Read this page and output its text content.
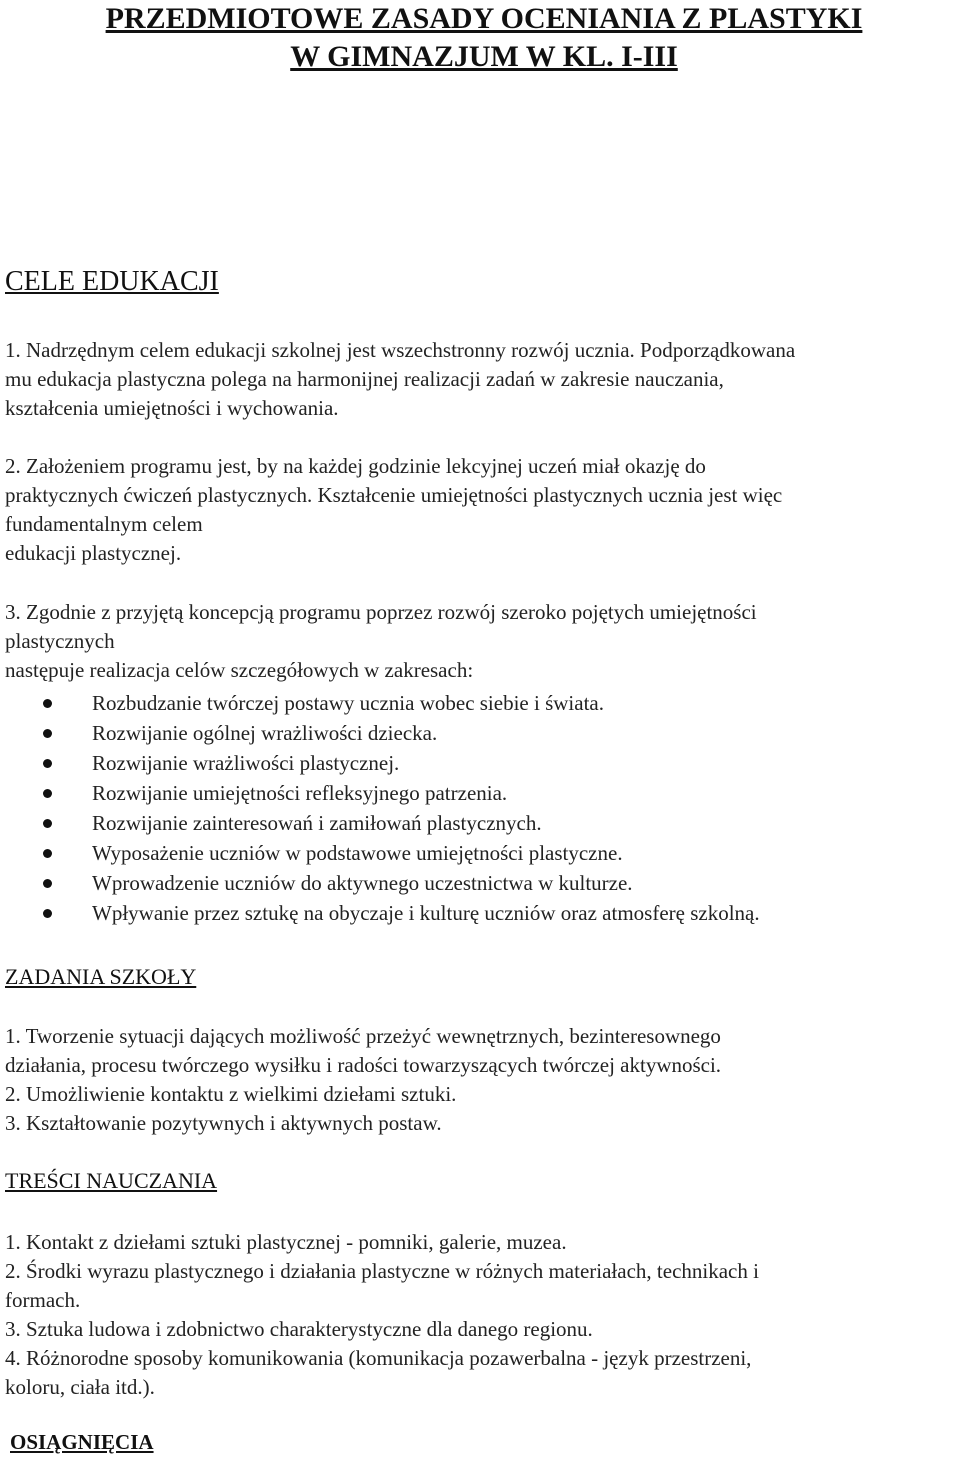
PRZEDMIOTOWE ZASADY OCENIANIA Z PLASTYKI
W GIMNAZJUM W KL. I-III
CELE EDUKACJI
1. Nadrzędnym celem edukacji szkolnej jest wszechstronny rozwój ucznia. Podporządkowana
mu edukacja plastyczna polega na harmonijnej realizacji zadań w zakresie nauczania,
kształcenia umiejętności i wychowania.
2. Założeniem programu jest, by na każdej godzinie lekcyjnej uczeń miał okazję do
praktycznych ćwiczeń plastycznych. Kształcenie umiejętności plastycznych ucznia jest więc
fundamentalnym celem
edukacji plastycznej.
3. Zgodnie z przyjętą koncepcją programu poprzez rozwój szeroko pojętych umiejętności
plastycznych
następuje realizacja celów szczegółowych w zakresach:
Rozbudzanie twórczej postawy ucznia wobec siebie i świata.
Rozwijanie ogólnej wrażliwości dziecka.
Rozwijanie wrażliwości plastycznej.
Rozwijanie umiejętności refleksyjnego patrzenia.
Rozwijanie zainteresowań i zamiłowań plastycznych.
Wyposażenie uczniów w podstawowe umiejętności plastyczne.
Wprowadzenie uczniów do aktywnego uczestnictwa w kulturze.
Wpływanie przez sztukę na obyczaje i kulturę uczniów oraz atmosferę szkolną.
ZADANIA SZKOŁY
1. Tworzenie sytuacji dających możliwość przeżyć wewnętrznych, bezinteresownego
działania, procesu twórczego wysiłku i radości towarzyszących twórczej aktywności.
2. Umożliwienie kontaktu z wielkimi dziełami sztuki.
3. Kształtowanie pozytywnych i aktywnych postaw.
TREŚCI NAUCZANIA
1. Kontakt z dziełami sztuki plastycznej - pomniki, galerie, muzea.
2. Środki wyrazu plastycznego i działania plastyczne w różnych materiałach, technikach i
formach.
3. Sztuka ludowa i zdobnictwo charakterystyczne dla danego regionu.
4. Różnorodne sposoby komunikowania (komunikacja pozawerbalna - język przestrzeni,
koloru, ciała itd.).
OSIĄGNIĘCIA
